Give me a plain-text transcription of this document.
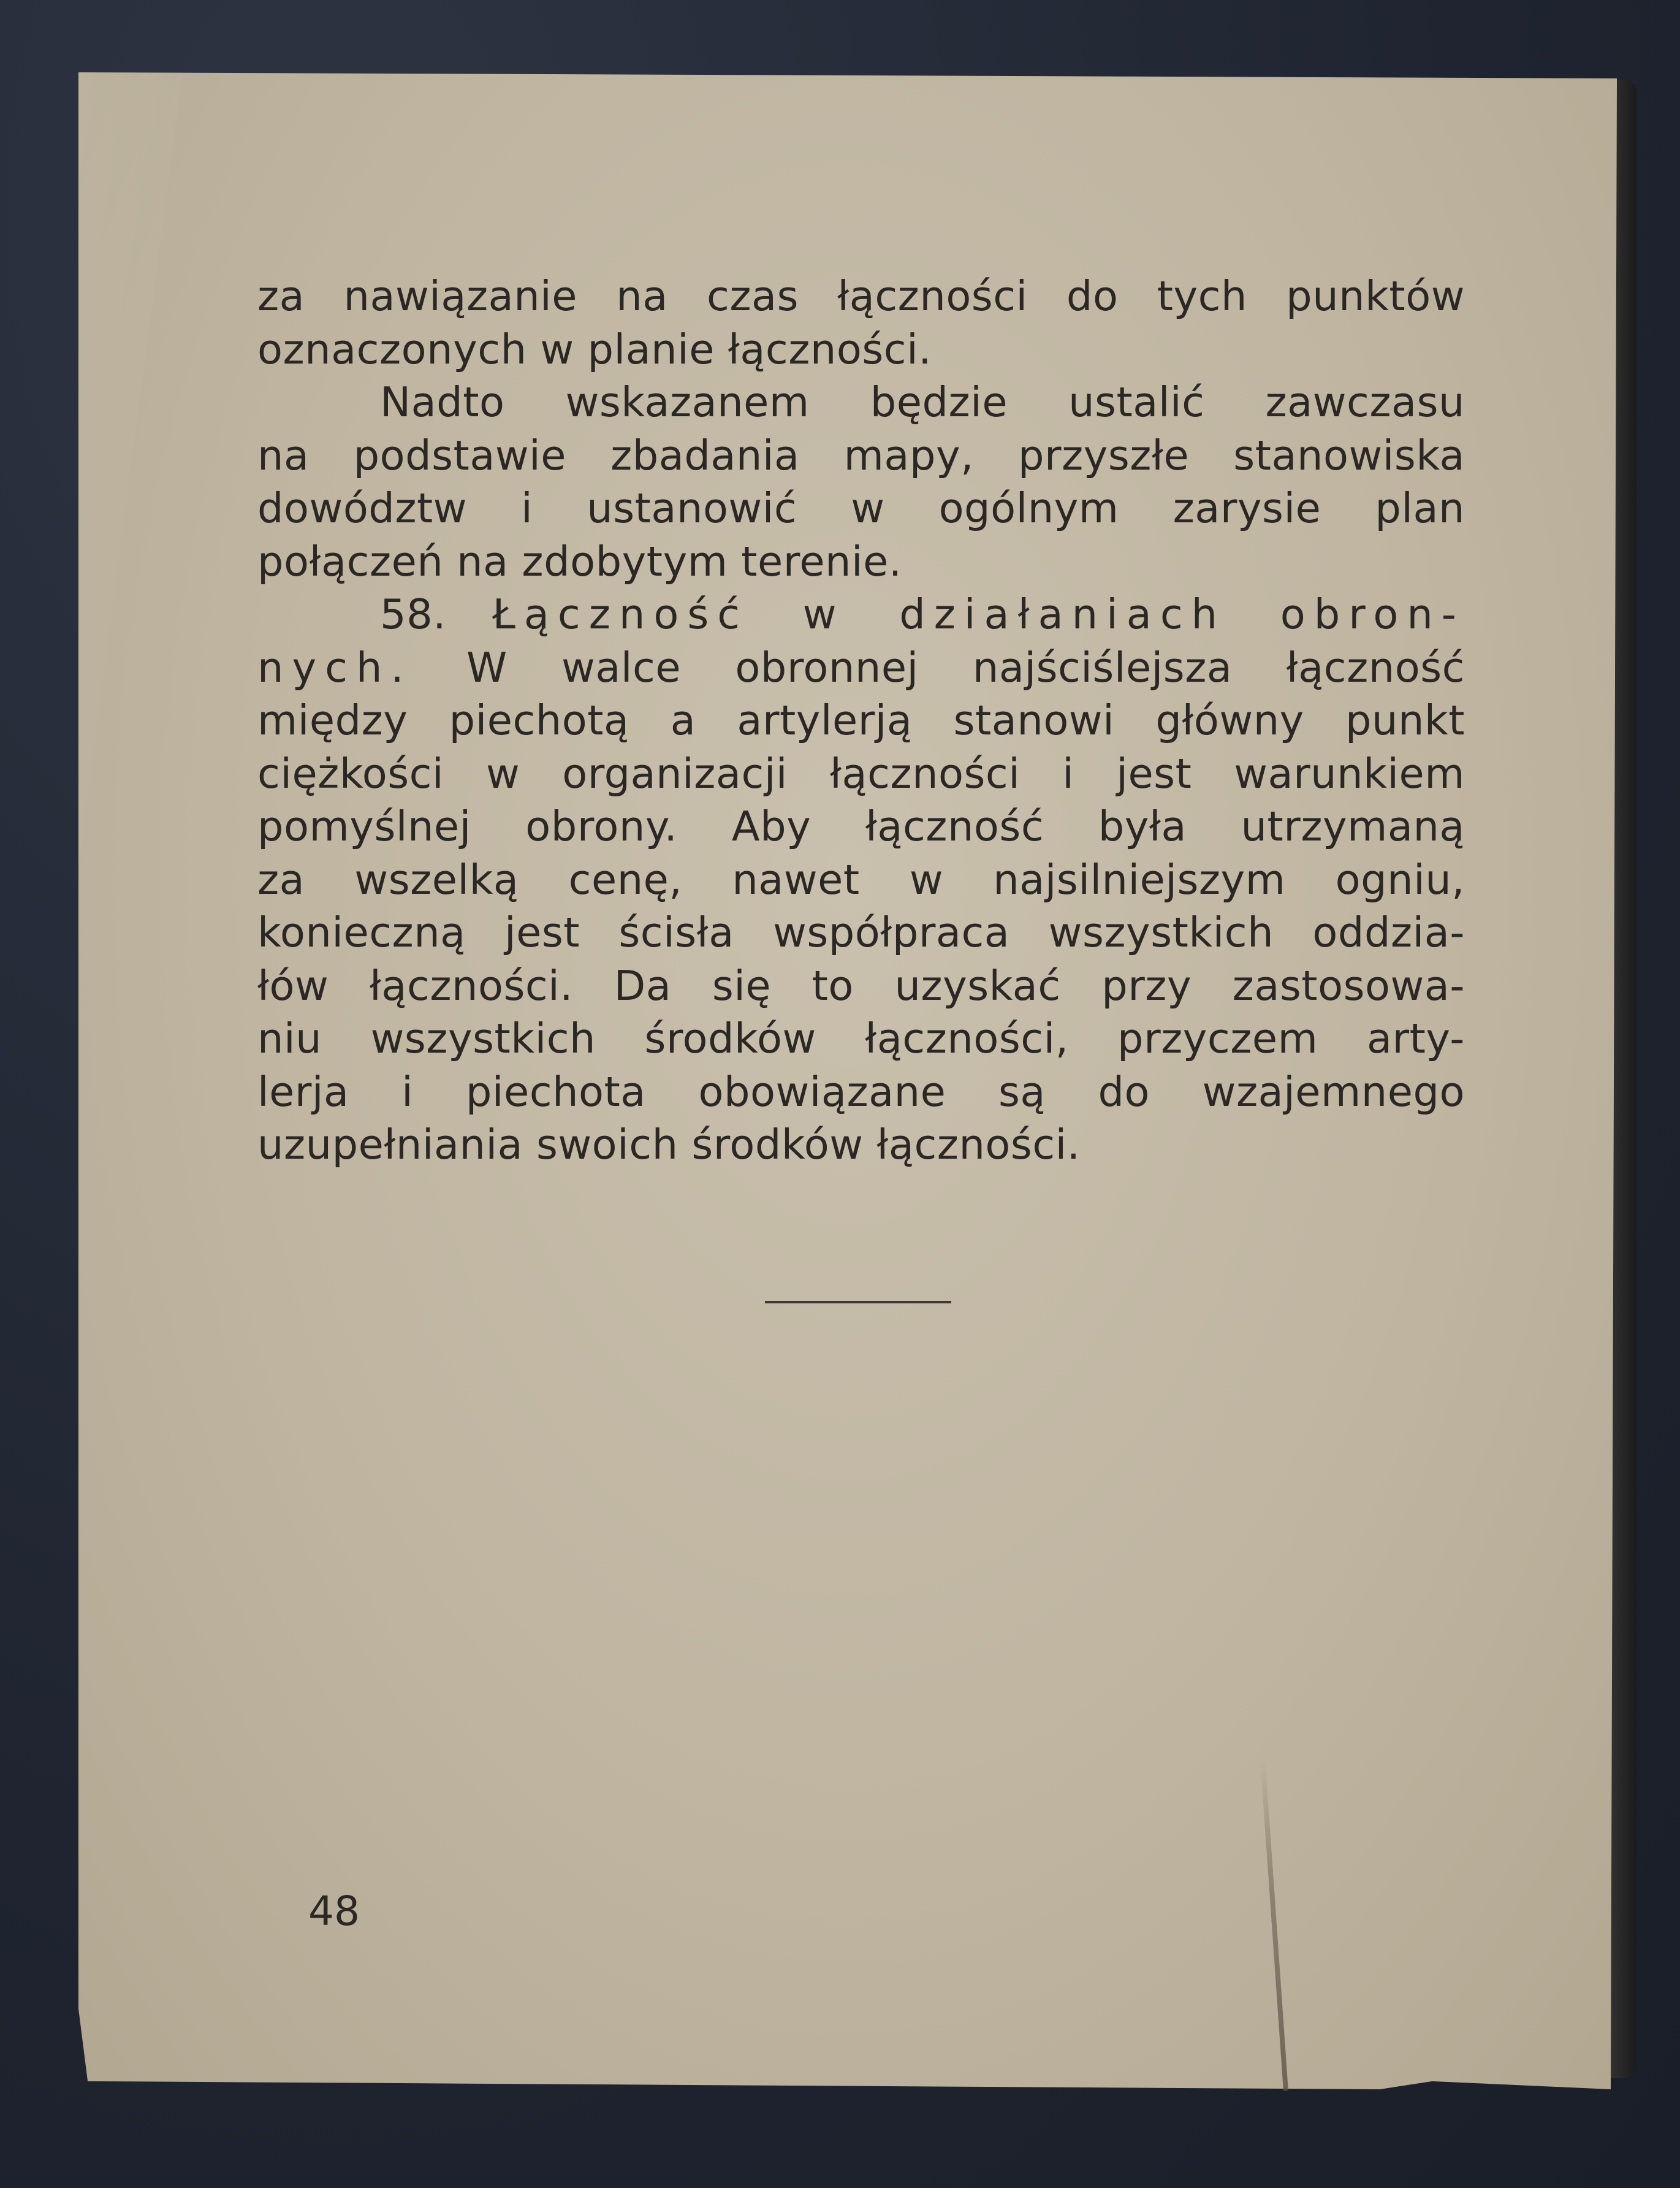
za nawiązanie na czas łączności do tych punktów
oznaczonych w planie łączności.
Nadto wskazanem będzie ustalić zawczasu
na podstawie zbadania mapy, przyszłe stanowiska
dowództw i ustanowić w ogólnym zarysie plan
połączeń na zdobytym terenie.
58. Łączność w działaniach obron-
nych. W walce obronnej najściślejsza łączność
między piechotą a artylerją stanowi główny punkt
ciężkości w organizacji łączności i jest warunkiem
pomyślnej obrony. Aby łączność była utrzymaną
za wszelką cenę, nawet w najsilniejszym ogniu,
konieczną jest ścisła współpraca wszystkich oddzia-
łów łączności. Da się to uzyskać przy zastosowa-
niu wszystkich środków łączności, przyczem arty-
lerja i piechota obowiązane są do wzajemnego
uzupełniania swoich środków łączności.
48
